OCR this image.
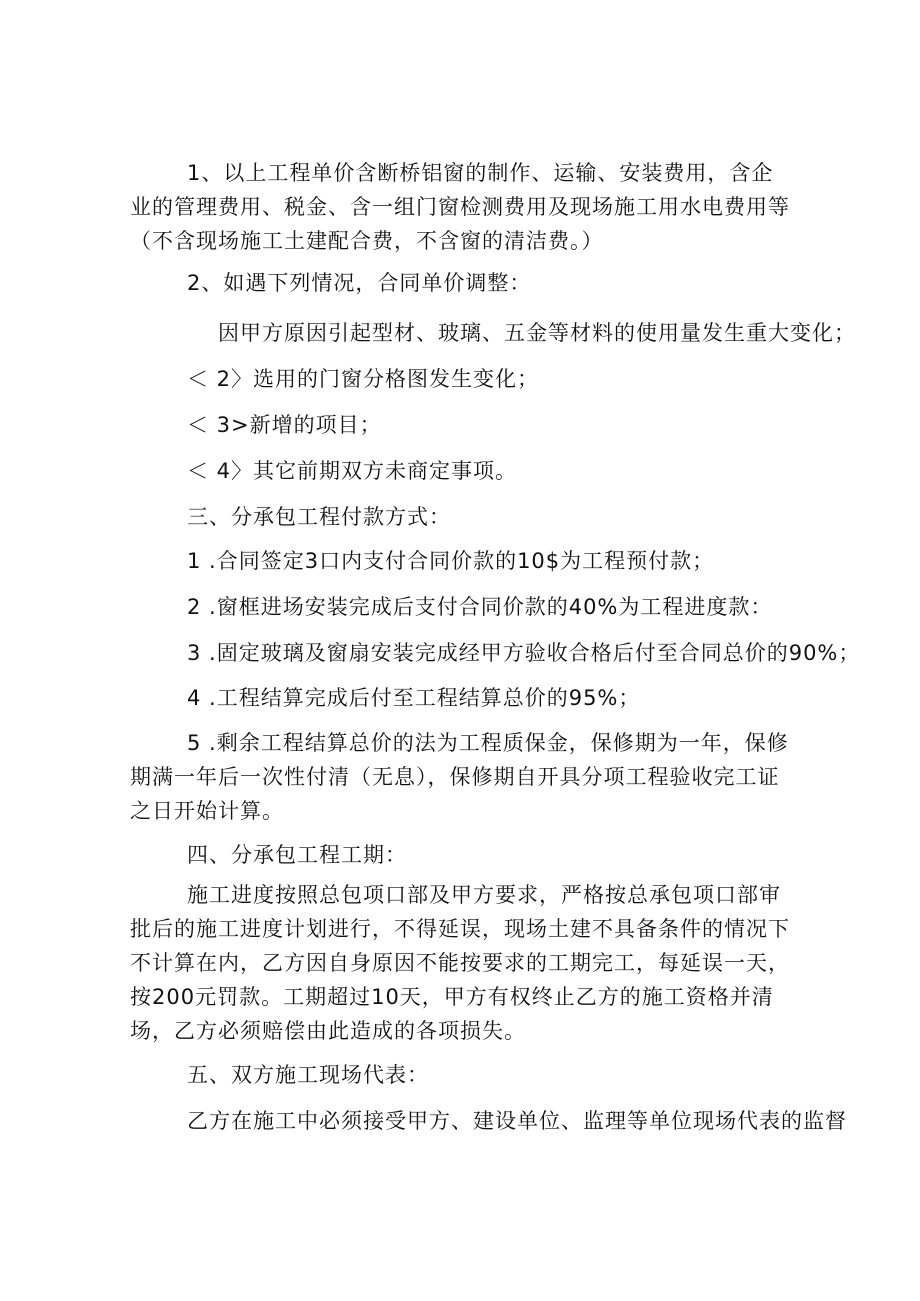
1、以上工程单价含断桥铝窗的制作、运输、安装费用，含企业的管理费用、税金、含一组门窗检测费用及现场施工用水电费用等（不含现场施工土建配合费，不含窗的清洁费。）

2、如遇下列情况，合同单价调整：

因甲方原因引起型材、玻璃、五金等材料的使用量发生重大变化；

＜ 2〉选用的门窗分格图发生变化；

＜ 3>新增的项目；

＜ 4〉其它前期双方未商定事项。

三、分承包工程付款方式：

1 .合同签定3口内支付合同价款的10$为工程预付款；

2 .窗框进场安装完成后支付合同价款的40%为工程进度款：

3 .固定玻璃及窗扇安装完成经甲方验收合格后付至合同总价的90%；

4 .工程结算完成后付至工程结算总价的95%；

5 .剩余工程结算总价的法为工程质保金，保修期为一年，保修期满一年后一次性付清（无息），保修期自开具分项工程验收完工证之日开始计算。

四、分承包工程工期：

施工进度按照总包项口部及甲方要求，严格按总承包项口部审批后的施工进度计划进行，不得延误，现场土建不具备条件的情况下不计算在内，乙方因自身原因不能按要求的工期完工，每延误一天，按200元罚款。工期超过10天，甲方有权终止乙方的施工资格并清场，乙方必须赔偿由此造成的各项损失。

五、双方施工现场代表：

乙方在施工中必须接受甲方、建设单位、监理等单位现场代表的监督
